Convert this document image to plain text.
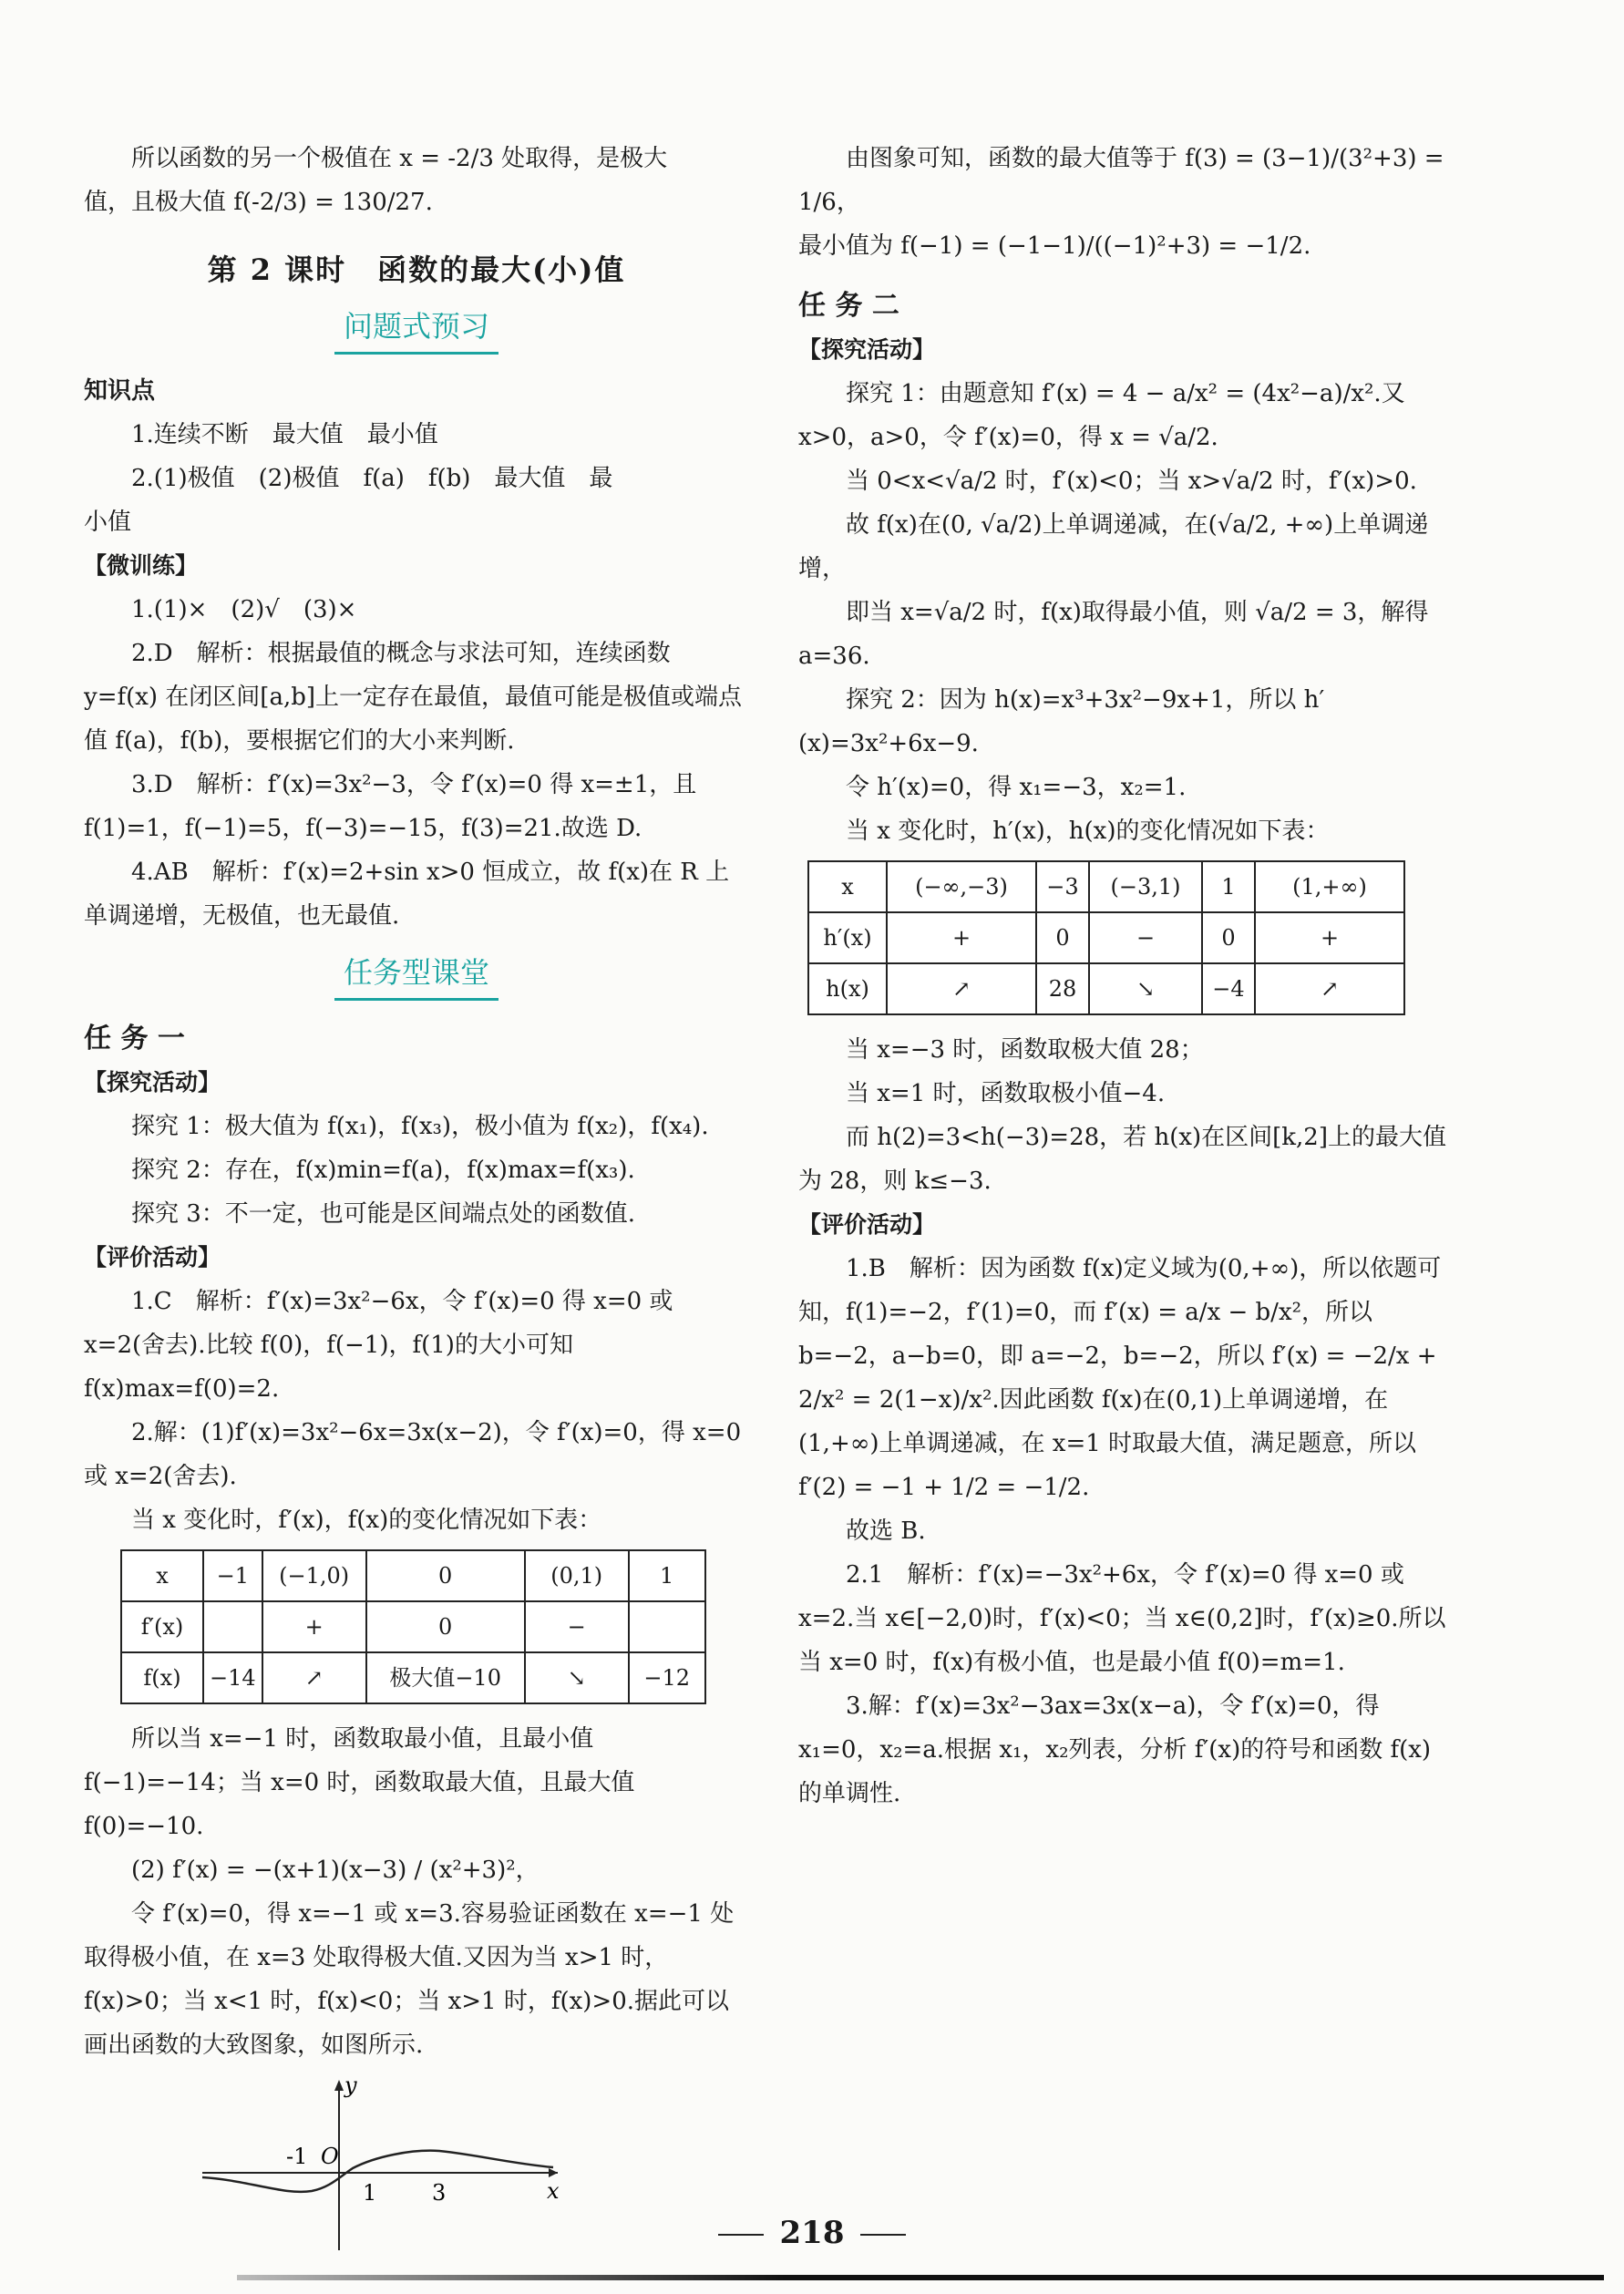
所以函数的另一个极值在 x = -2/3 处取得，是极大

值，且极大值 f(-2/3) = 130/27.

第 2 课时　函数的最大(小)值
问题式预习

知识点

1.连续不断　最大值　最小值

2.(1)极值　(2)极值　f(a)　f(b)　最大值　最

小值

【微训练】

1.(1)×　(2)√　(3)×

2.D　解析：根据最值的概念与求法可知，连续函数 y=f(x) 在闭区间[a,b]上一定存在最值，最值可能是极值或端点值 f(a)，f(b)，要根据它们的大小来判断.

3.D　解析：f′(x)=3x²−3，令 f′(x)=0 得 x=±1，且 f(1)=1，f(−1)=5，f(−3)=−15，f(3)=21.故选 D.

4.AB　解析：f′(x)=2+sin x>0 恒成立，故 f(x)在 R 上单调递增，无极值，也无最值.

任务型课堂

任 务 一

【探究活动】

探究 1：极大值为 f(x₁)，f(x₃)，极小值为 f(x₂)，f(x₄).

探究 2：存在，f(x)min=f(a)，f(x)max=f(x₃).

探究 3：不一定，也可能是区间端点处的函数值.

【评价活动】

1.C　解析：f′(x)=3x²−6x，令 f′(x)=0 得 x=0 或 x=2(舍去).比较 f(0)，f(−1)，f(1)的大小可知 f(x)max=f(0)=2.

2.解：(1)f′(x)=3x²−6x=3x(x−2)，令 f′(x)=0，得 x=0 或 x=2(舍去).

当 x 变化时，f′(x)，f(x)的变化情况如下表：

x	−1	(−1,0)	0	(0,1)	1
f′(x)		+	0	−	
f(x)	−14	↗	极大值−10	↘	−12

所以当 x=−1 时，函数取最小值，且最小值 f(−1)=−14；当 x=0 时，函数取最大值，且最大值 f(0)=−10.

(2) f′(x) = −(x+1)(x−3) / (x²+3)²，

令 f′(x)=0，得 x=−1 或 x=3.容易验证函数在 x=−1 处取得极小值，在 x=3 处取得极大值.又因为当 x>1 时，f(x)>0；当 x<1 时，f(x)<0；当 x>1 时，f(x)>0.据此可以画出函数的大致图象，如图所示.

y
x
O
-1
1	3

由图象可知，函数的最大值等于 f(3) = (3−1)/(3²+3) = 1/6，

最小值为 f(−1) = (−1−1)/((−1)²+3) = −1/2.

任 务 二

【探究活动】

探究 1：由题意知 f′(x) = 4 − a/x² = (4x²−a)/x².又 x>0，a>0，令 f′(x)=0，得 x = √a/2.

当 0<x<√a/2 时，f′(x)<0；当 x>√a/2 时，f′(x)>0.

故 f(x)在(0, √a/2)上单调递减，在(√a/2, +∞)上单调递增，

即当 x=√a/2 时，f(x)取得最小值，则 √a/2 = 3，解得 a=36.

探究 2：因为 h(x)=x³+3x²−9x+1，所以 h′(x)=3x²+6x−9.

令 h′(x)=0，得 x₁=−3，x₂=1.

当 x 变化时，h′(x)，h(x)的变化情况如下表：

x	(−∞,−3)	−3	(−3,1)	1	(1,+∞)
h′(x)	+	0	−	0	+
h(x)	↗	28	↘	−4	↗

当 x=−3 时，函数取极大值 28；

当 x=1 时，函数取极小值−4.

而 h(2)=3<h(−3)=28，若 h(x)在区间[k,2]上的最大值为 28，则 k≤−3.

【评价活动】

1.B　解析：因为函数 f(x)定义域为(0,+∞)，所以依题可知，f(1)=−2，f′(1)=0，而 f′(x) = a/x − b/x²，所以 b=−2，a−b=0，即 a=−2，b=−2，所以 f′(x) = −2/x + 2/x² = 2(1−x)/x².因此函数 f(x)在(0,1)上单调递增，在(1,+∞)上单调递减，在 x=1 时取最大值，满足题意，所以 f′(2) = −1 + 1/2 = −1/2.

故选 B.

2.1　解析：f′(x)=−3x²+6x，令 f′(x)=0 得 x=0 或 x=2.当 x∈[−2,0)时，f′(x)<0；当 x∈(0,2]时，f′(x)≥0.所以当 x=0 时，f(x)有极小值，也是最小值 f(0)=m=1.

3.解：f′(x)=3x²−3ax=3x(x−a)，令 f′(x)=0，得 x₁=0，x₂=a.根据 x₁，x₂列表，分析 f′(x)的符号和函数 f(x)的单调性.

218
